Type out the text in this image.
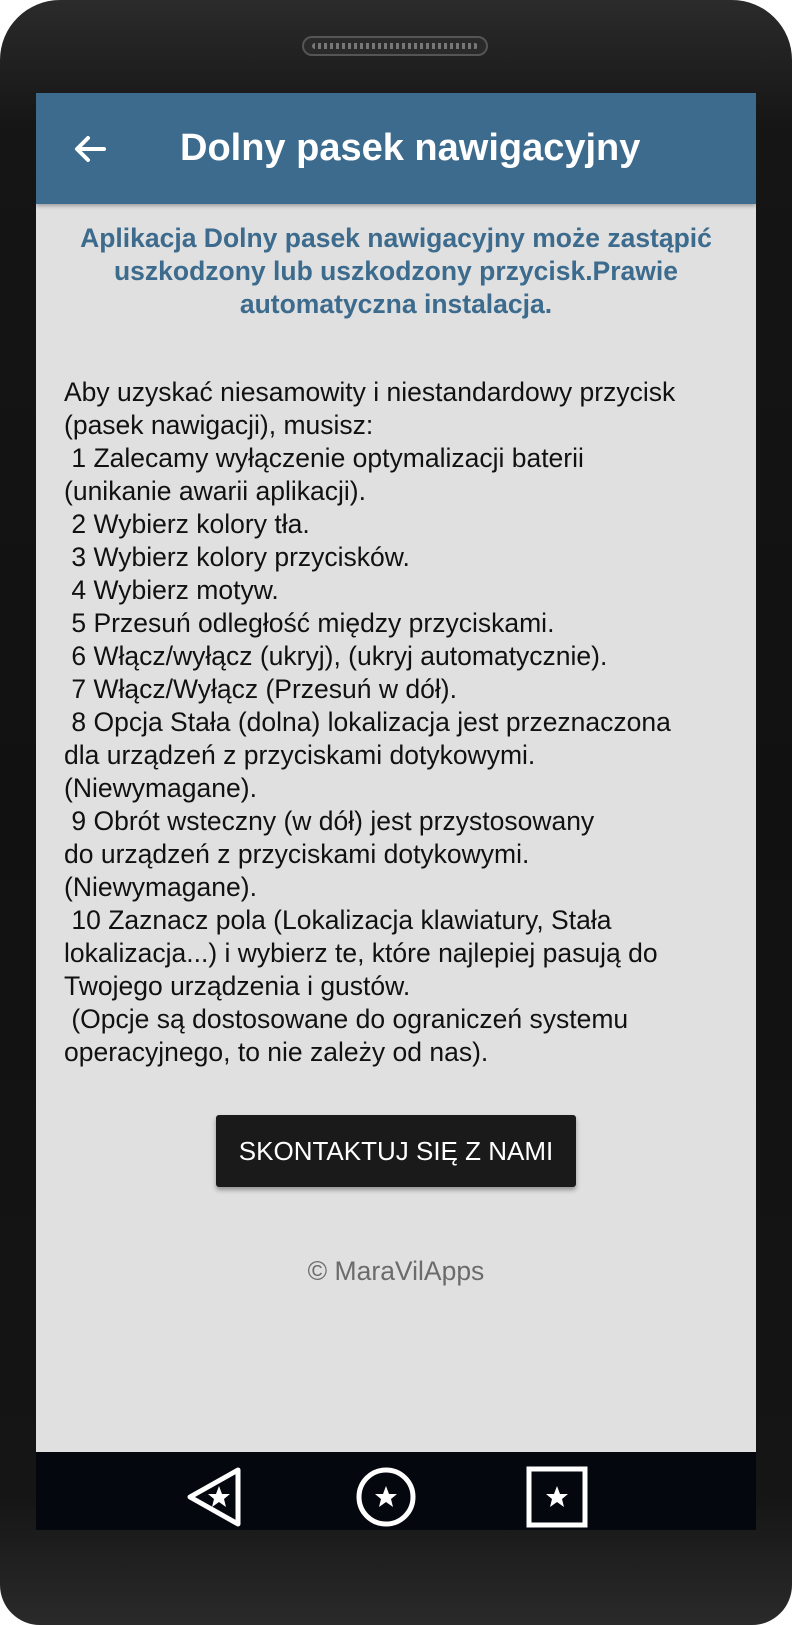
Dolny pasek nawigacyjny
Aplikacja Dolny pasek nawigacyjny może zastąpić
uszkodzony lub uszkodzony przycisk.Prawie
automatyczna instalacja.
Aby uzyskać niesamowity i niestandardowy przycisk
(pasek nawigacji), musisz:
1 Zalecamy wyłączenie optymalizacji baterii
(unikanie awarii aplikacji).
2 Wybierz kolory tła.
3 Wybierz kolory przycisków.
4 Wybierz motyw.
5 Przesuń odległość między przyciskami.
6 Włącz/wyłącz (ukryj), (ukryj automatycznie).
7 Włącz/Wyłącz (Przesuń w dół).
8 Opcja Stała (dolna) lokalizacja jest przeznaczona
dla urządzeń z przyciskami dotykowymi.
(Niewymagane).
9 Obrót wsteczny (w dół) jest przystosowany
do urządzeń z przyciskami dotykowymi.
(Niewymagane).
10 Zaznacz pola (Lokalizacja klawiatury, Stała
lokalizacja...) i wybierz te, które najlepiej pasują do
Twojego urządzenia i gustów.
(Opcje są dostosowane do ograniczeń systemu
operacyjnego, to nie zależy od nas).
SKONTAKTUJ SIĘ Z NAMI
© MaraVilApps
